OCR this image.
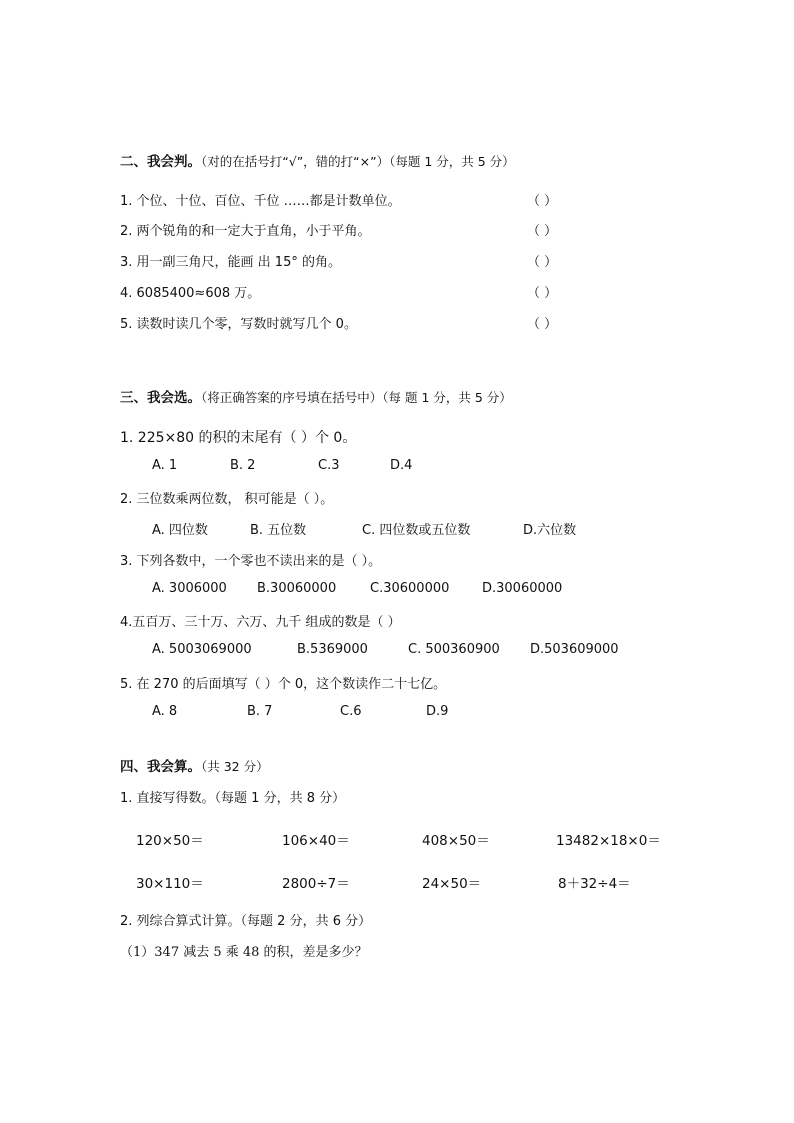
二、我会判。（对的在括号打“√”，错的打“×”）（每题 1 分，共 5 分）
1. 个位、十位、百位、千位 ……都是计数单位。	（ ）
2. 两个锐角的和一定大于直角，小于平角。	（ ）
3. 用一副三角尺，能画 出 15° 的角。	（ ）
4. 6085400≈608 万。	（ ）
5. 读数时读几个零，写数时就写几个 0。	（ ）
三、我会选。（将正确答案的序号填在括号中）（每 题 1 分，共 5 分）
1. 225×80 的积的末尾有（ ）个 0。
A. 1	B. 2	C.3	D.4
2. 三位数乘两位数， 积可能是（ ）。
A. 四位数	B. 五位数	C. 四位数或五位数	D.六位数
3. 下列各数中，一个零也不读出来的是（ ）。
A. 3006000 B.30060000	C.30600000	D.30060000
4.五百万、三十万、六万、九千 组成的数是（ ）
A. 5003069000	B.5369000	C. 500360900 D.503609000
5. 在 270 的后面填写（ ）个 0，这个数读作二十七亿。
A. 8	B. 7	C.6	D.9
四、我会算。（共 32 分）
1. 直接写得数。（每题 1 分，共 8 分）
120×50＝	106×40＝	408×50＝	13482×18×0＝
30×110＝	2800÷7＝	24×50＝	8＋32÷4＝
2. 列综合算式计算。（每题 2 分，共 6 分）
（1）347 减去 5 乘 48 的积，差是多少？
